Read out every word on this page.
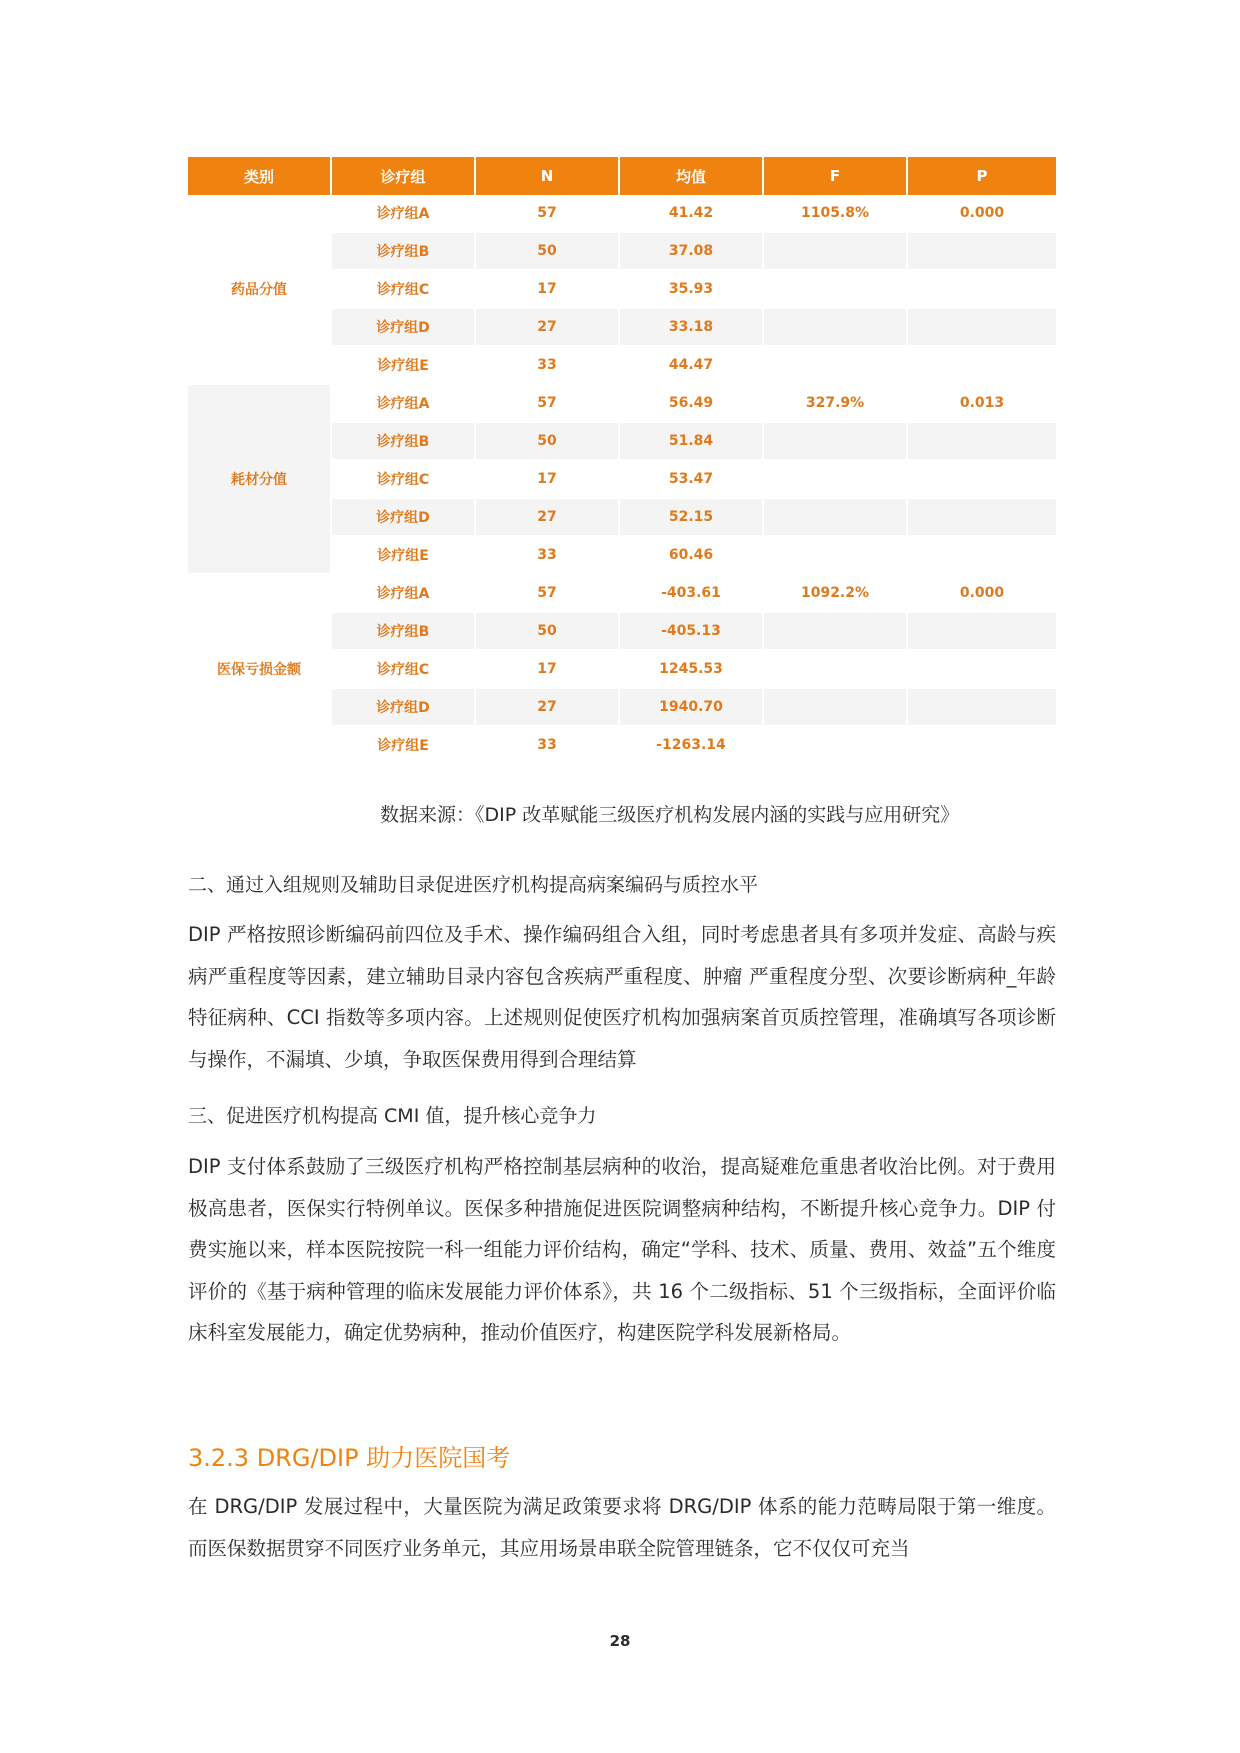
类别	诊疗组	N	均值	F	P
药品分值	诊疗组A	57	41.42	1105.8%	0.000
	诊疗组B	50	37.08		
	诊疗组C	17	35.93		
	诊疗组D	27	33.18		
	诊疗组E	33	44.47		
耗材分值	诊疗组A	57	56.49	327.9%	0.013
	诊疗组B	50	51.84		
	诊疗组C	17	53.47		
	诊疗组D	27	52.15		
	诊疗组E	33	60.46		
医保亏损金额	诊疗组A	57	-403.61	1092.2%	0.000
	诊疗组B	50	-405.13		
	诊疗组C	17	1245.53		
	诊疗组D	27	1940.70		
	诊疗组E	33	-1263.14		
数据来源：《DIP 改革赋能三级医疗机构发展内涵的实践与应用研究》
二、通过入组规则及辅助目录促进医疗机构提高病案编码与质控水平

DIP 严格按照诊断编码前四位及手术、操作编码组合入组，同时考虑患者具有多项并发症、高龄与疾病严重程度等因素，建立辅助目录内容包含疾病严重程度、肿瘤 严重程度分型、次要诊断病种_年龄特征病种、CCI 指数等多项内容。上述规则促使医疗机构加强病案首页质控管理，准确填写各项诊断与操作，不漏填、少填，争取医保费用得到合理结算

三、促进医疗机构提高 CMI 值，提升核心竞争力

DIP 支付体系鼓励了三级医疗机构严格控制基层病种的收治，提高疑难危重患者收治比例。对于费用极高患者，医保实行特例单议。医保多种措施促进医院调整病种结构，不断提升核心竞争力。DIP 付费实施以来，样本医院按院一科一组能力评价结构，确定“学科、技术、质量、费用、效益”五个维度评价的《基于病种管理的临床发展能力评价体系》，共 16 个二级指标、51 个三级指标，全面评价临床科室发展能力，确定优势病种，推动价值医疗，构建医院学科发展新格局。

3.2.3 DRG/DIP 助力医院国考

在 DRG/DIP 发展过程中，大量医院为满足政策要求将 DRG/DIP 体系的能力范畴局限于第一维度。而医保数据贯穿不同医疗业务单元，其应用场景串联全院管理链条，它不仅仅可充当

28
